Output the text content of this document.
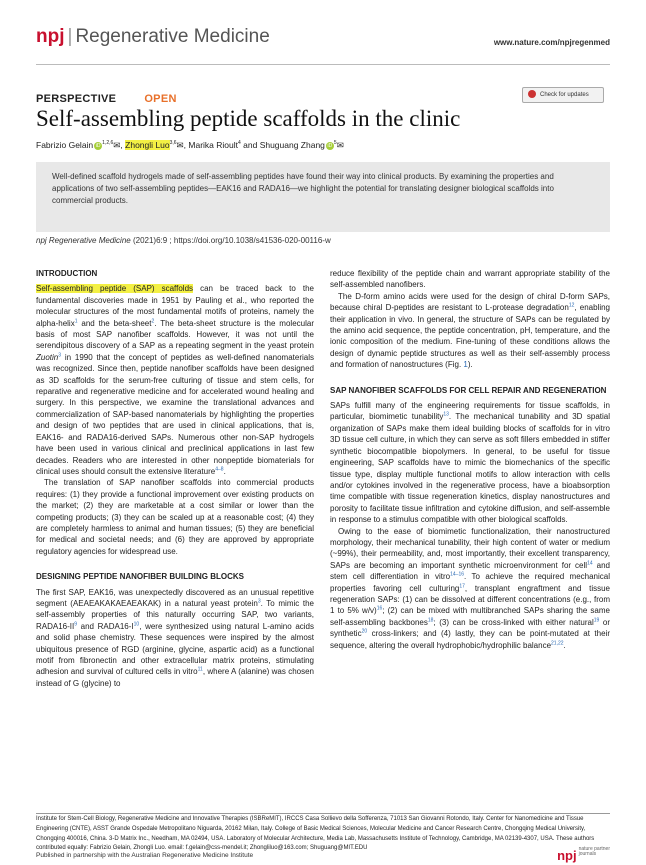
npj | Regenerative Medicine	www.nature.com/npjregenmed
PERSPECTIVE	OPEN	Check for updates
Self-assembling peptide scaffolds in the clinic
Fabrizio Gelain iD $^{1,2,6}$✉, Zhongli Luo$^{3,6}$✉, Marika Rioult$^4$ and Shuguang Zhang iD $^5$✉
Well-defined scaffold hydrogels made of self-assembling peptides have found their way into clinical products. By examining the properties and applications of two self-assembling peptides—EAK16 and RADA16—we highlight the potential for translating designer biological scaffolds into commercial products.
npj Regenerative Medicine (2021)6:9 ; https://doi.org/10.1038/s41536-020-00116-w
INTRODUCTION

Self-assembling peptide (SAP) scaffolds can be traced back to the fundamental discoveries made in 1951 by Pauling et al., who reported the molecular structures of the most fundamental motifs of proteins, namely the alpha-helix$^1$ and the beta-sheet$^2$. The beta-sheet structure is the molecular basis of most SAP nanofiber scaffolds. However, it was not until the serendipitous discovery of a SAP as a repeating segment in the yeast protein Zuotin$^3$ in 1990 that the concept of peptides as well-defined nanomaterials was recognized. Since then, peptide nanofiber scaffolds have been designed as 3D scaffolds for the serum-free culturing of tissue and stem cells, for reparative and regenerative medicine and for accelerated wound healing and surgery. In this perspective, we examine the translational advances and commercialization of SAP-based nanomaterials by highlighting the properties and design of two peptides that are used in clinical applications, that is, EAK16- and RADA16-derived SAPs. Numerous other non-SAP hydrogels have been used in various clinical and preclinical applications in last few decades. Readers who are interested in other nonpeptide biomaterials for clinical uses should consult the extensive literature$^{4-8}$.

The translation of SAP nanofiber scaffolds into commercial products requires: (1) they provide a functional improvement over existing products on the market; (2) they are marketable at a cost similar or lower than the competing products; (3) they can be scaled up at a reasonable cost; (4) they are completely harmless to animal and human tissues; (5) they are beneficial for medical and societal needs; and (6) they are approved by appropriate regulatory agencies for widespread use.

DESIGNING PEPTIDE NANOFIBER BUILDING BLOCKS

The first SAP, EAK16, was unexpectedly discovered as an unusual repetitive segment (AEAEAKAKAEAEAKAK) in a natural yeast protein$^3$. To mimic the self-assembly properties of this naturally occurring SAP, two variants, $RADA16-II^9$ and $RADA16-I^{10}$, were synthesized using natural L-amino acids and solid phase chemistry. These sequences were inspired by the almost ubiquitous presence of RGD (arginine, glycine, aspartic acid) as a functional motif from fibronectin and other extracellular matrix proteins, stimulating adhesion and survival of cultured cells in vitro$^{11}$, where A (alanine) was chosen instead of G (glycine) to

reduce flexibility of the peptide chain and warrant appropriate stability of the self-assembled nanofibers.

The D-form amino acids were used for the design of chiral D-form SAPs, because chiral D-peptides are resistant to L-protease degradation$^{12}$, enabling their application in vivo. In general, the structure of SAPs can be regulated by the amino acid sequence, the peptide concentration, pH, temperature, and the ionic composition of the medium. Fine-tuning of these conditions allows the design of dynamic peptide structures as well as their self-assembly process and formation of nanostructures (Fig. 1).

SAP NANOFIBER SCAFFOLDS FOR CELL REPAIR AND REGENERATION

SAPs fulfill many of the engineering requirements for tissue scaffolds, in particular, biomimetic tunability$^{13}$. The mechanical tunability and 3D spatial organization of SAPs make them ideal building blocks of scaffolds for in vitro 3D tissue cell culture, in which they can serve as soft fillers embedded in stiffer synthetic biocompatible biopolymers. In general, to be useful for tissue engineering, SAP scaffolds have to mimic the biomechanics of the specific tissue type, display multiple functional motifs to allow interaction with cells and/or cytokines involved in the regenerative process, have a bioabsorption time compatible with tissue regeneration kinetics, display nanostructures and porosity to facilitate tissue infiltration and cytokine diffusion, and self-assemble in response to a stimulus compatible with other biological scaffolds.

Owing to the ease of biomimetic functionalization, their nanostructured morphology, their mechanical tunability, their high content of water or medium (~99%), their permeability, and, most importantly, their excellent transparency, SAPs are becoming an important synthetic microenvironment for cell$^{14}$ and stem cell differentiation in vitro$^{14-16}$. To achieve the required mechanical properties favoring cell culturing$^{17}$, transplant engraftment and tissue regeneration SAPs: (1) can be dissolved at different concentrations (e.g., from 1 to 5% w/v)$^{16}$; (2) can be mixed with multibranched SAPs sharing the same self-assembling backbones$^{18}$; (3) can be cross-linked with either natural$^{19}$ or synthetic$^{20}$ cross-linkers; and (4) lastly, they can be point-mutated at their sequence, altering the overall hydrophobic/hydrophilic balance$^{21,22}$.

Institute for Stem-Cell Biology, Regenerative Medicine and Innovative Therapies (ISBReMIT), IRCCS Casa Sollievo della Sofferenza, 71013 San Giovanni Rotondo, Italy. Center for Nanomedicine and Tissue Engineering (CNTE), ASST Grande Ospedale Metropolitano Niguarda, 20162 Milan, Italy. College of Basic Medical Sciences, Molecular Medicine and Cancer Research Centre, Chongqing Medical University, Chongqing 400016, China. 3-D Matrix Inc., Needham, MA 02494, USA. Laboratory of Molecular Architecture, Media Lab, Massachusetts Institute of Technology, Cambridge, MA 02139-4307, USA. These authors contributed equally: Fabrizio Gelain, Zhongli Luo. email: f.gelain@css-mendel.it; Zhongliluo@163.com; Shuguang@MIT.EDU
Published in partnership with the Australian Regenerative Medicine Institute	npj nature partner
journals
